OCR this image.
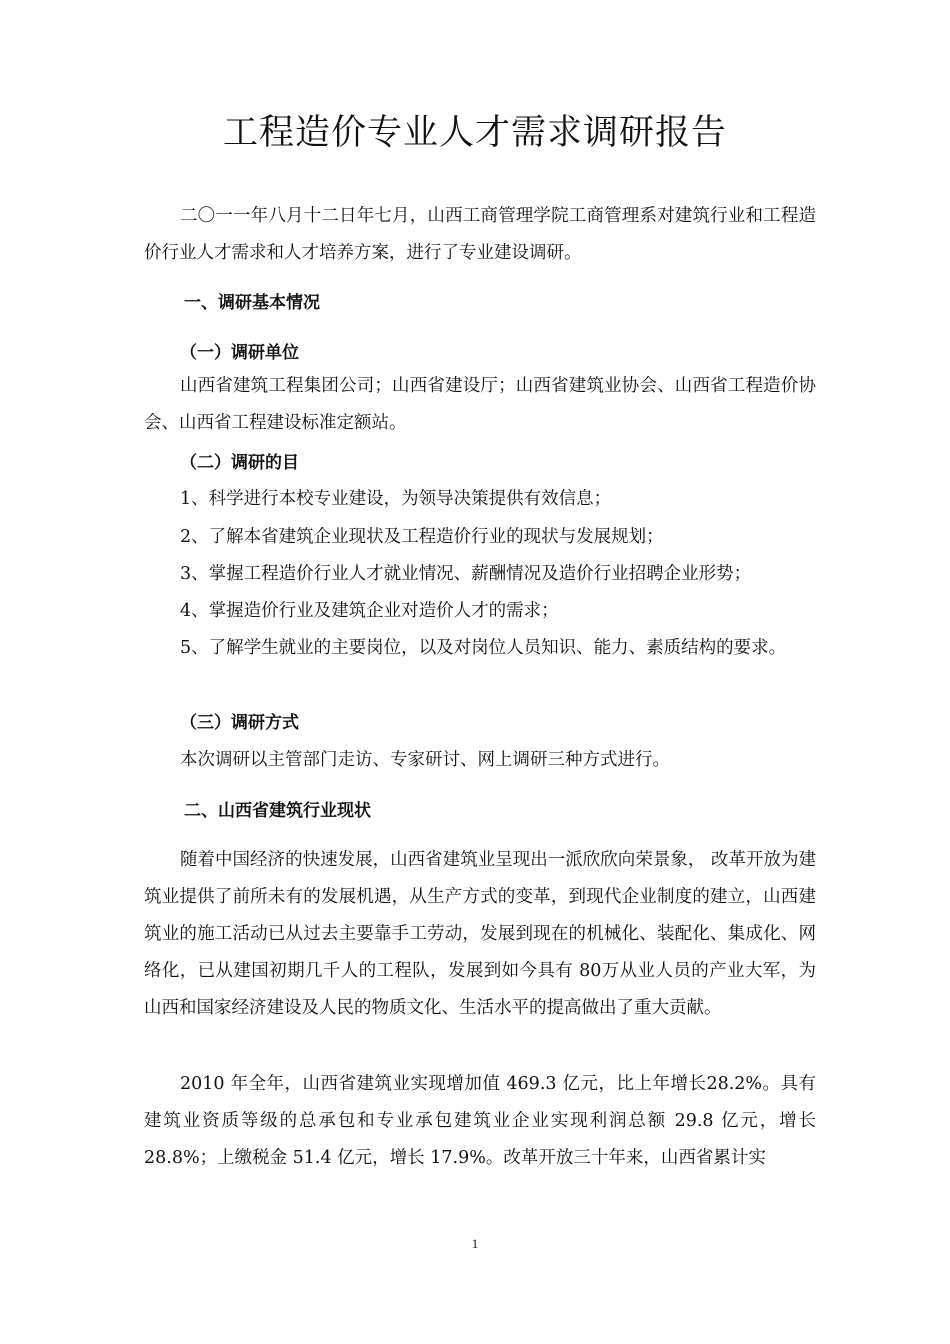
工程造价专业人才需求调研报告

二〇一一年八月十二日年七月，山西工商管理学院工商管理系对建筑行业和工程造价行业人才需求和人才培养方案，进行了专业建设调研。

一、调研基本情况

（一）调研单位

山西省建筑工程集团公司；山西省建设厅；山西省建筑业协会、山西省工程造价协会、山西省工程建设标准定额站。

（二）调研的目

1、科学进行本校专业建设，为领导决策提供有效信息；

2、了解本省建筑企业现状及工程造价行业的现状与发展规划；

3、掌握工程造价行业人才就业情况、薪酬情况及造价行业招聘企业形势；

4、掌握造价行业及建筑企业对造价人才的需求；

5、了解学生就业的主要岗位，以及对岗位人员知识、能力、素质结构的要求。

（三）调研方式

本次调研以主管部门走访、专家研讨、网上调研三种方式进行。

二、山西省建筑行业现状

随着中国经济的快速发展，山西省建筑业呈现出一派欣欣向荣景象， 改革开放为建筑业提供了前所未有的发展机遇，从生产方式的变革，到现代企业制度的建立，山西建筑业的施工活动已从过去主要靠手工劳动，发展到现在的机械化、装配化、集成化、网络化，已从建国初期几千人的工程队，发展到如今具有 80万从业人员的产业大军，为山西和国家经济建设及人民的物质文化、生活水平的提高做出了重大贡献。

2010 年全年，山西省建筑业实现增加值 469.3 亿元，比上年增长28.2%。具有建筑业资质等级的总承包和专业承包建筑业企业实现利润总额 29.8 亿元，增长 28.8%；上缴税金 51.4 亿元，增长 17.9%。改革开放三十年来，山西省累计实

1
